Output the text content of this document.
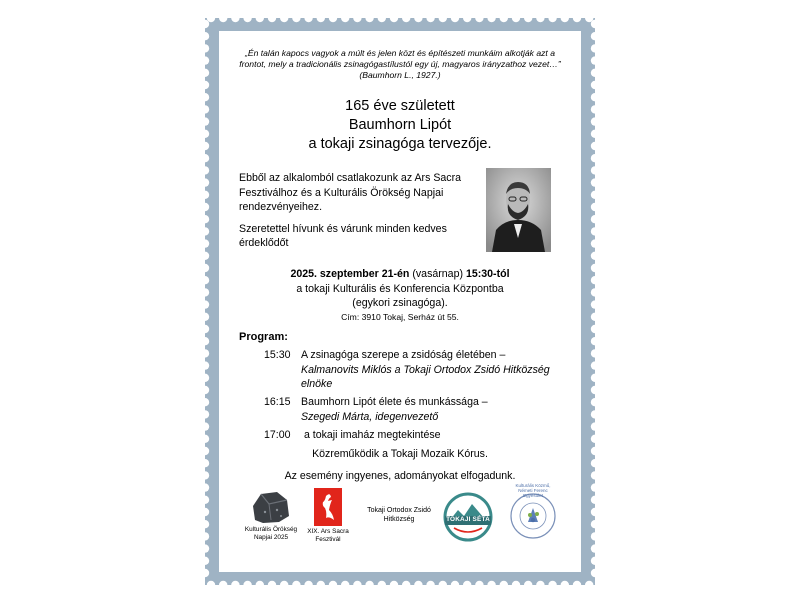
„Én talán kapocs vagyok a múlt és jelen közt és építészeti munkáim alkotják azt a frontot, mely a tradicionális zsinagógastílustól egy új, magyaros irányzathoz vezet…” (Baumhorn L., 1927.)
165 éve született
Baumhorn Lipót
a tokaji zsinagóga tervezője.

Ebből az alkalomból csatlakozunk az Ars Sacra Fesztiválhoz és a Kulturális Örökség Napjai rendezvényeihez.

Szeretettel hívunk és várunk minden kedves érdeklődőt

2025. szeptember 21-én (vasárnap) 15:30-tól
a tokaji Kulturális és Konferencia Központba
(egykori zsinagóga).
Cím: 3910 Tokaj, Serház út 55.
Program:
15:30 A zsinagóga szerepe a zsidóság életében –
Kalmanovits Miklós a Tokaji Ortodox Zsidó Hitközség elnöke
16:15 Baumhorn Lipót élete és munkássága –
Szegedi Márta, idegenvezető
17:00 a tokaji imaház megtekintése
Közreműködik a Tokaji Mozaik Kórus.
Az esemény ingyenes, adományokat elfogadunk.
Kulturális Örökség Napjai 2025
XIX. Ars Sacra Fesztivál
Tokaji Ortodox Zsidó Hitközség	TOKAJI SÉTA
Kulturális Közmű, Németi Ferenc Egyesület
